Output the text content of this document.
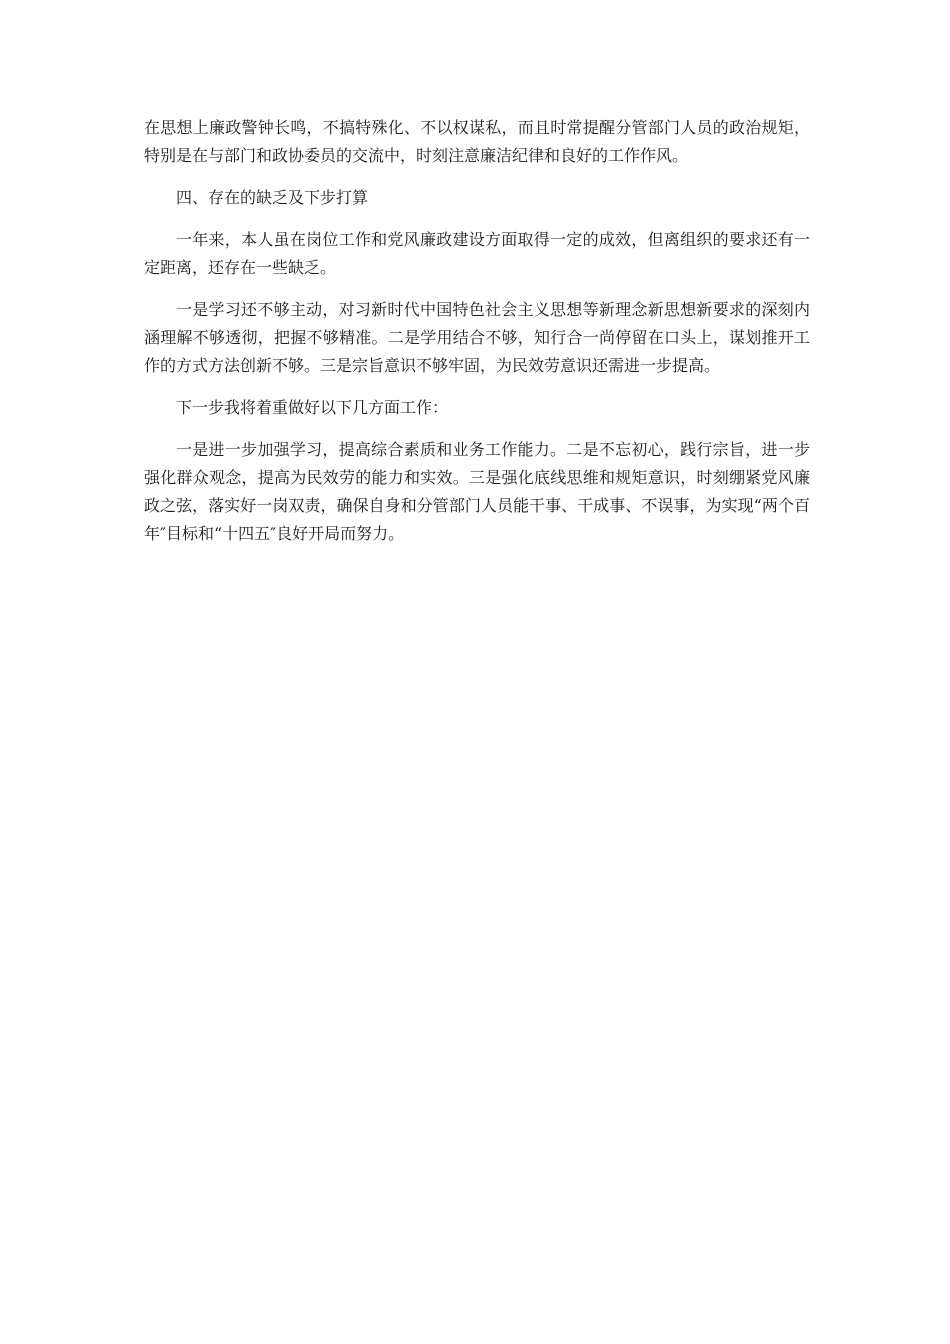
在思想上廉政警钟长鸣，不搞特殊化、不以权谋私，而且时常提醒分管部门人员的政治规矩，特别是在与部门和政协委员的交流中，时刻注意廉洁纪律和良好的工作作风。

四、存在的缺乏及下步打算

一年来，本人虽在岗位工作和党风廉政建设方面取得一定的成效，但离组织的要求还有一定距离，还存在一些缺乏。

一是学习还不够主动，对习新时代中国特色社会主义思想等新理念新思想新要求的深刻内涵理解不够透彻，把握不够精准。二是学用结合不够，知行合一尚停留在口头上，谋划推开工作的方式方法创新不够。三是宗旨意识不够牢固，为民效劳意识还需进一步提高。

下一步我将着重做好以下几方面工作：

一是进一步加强学习，提高综合素质和业务工作能力。二是不忘初心，践行宗旨，进一步强化群众观念，提高为民效劳的能力和实效。三是强化底线思维和规矩意识，时刻绷紧党风廉政之弦，落实好一岗双责，确保自身和分管部门人员能干事、干成事、不误事，为实现“两个百年″目标和“十四五″良好开局而努力。
